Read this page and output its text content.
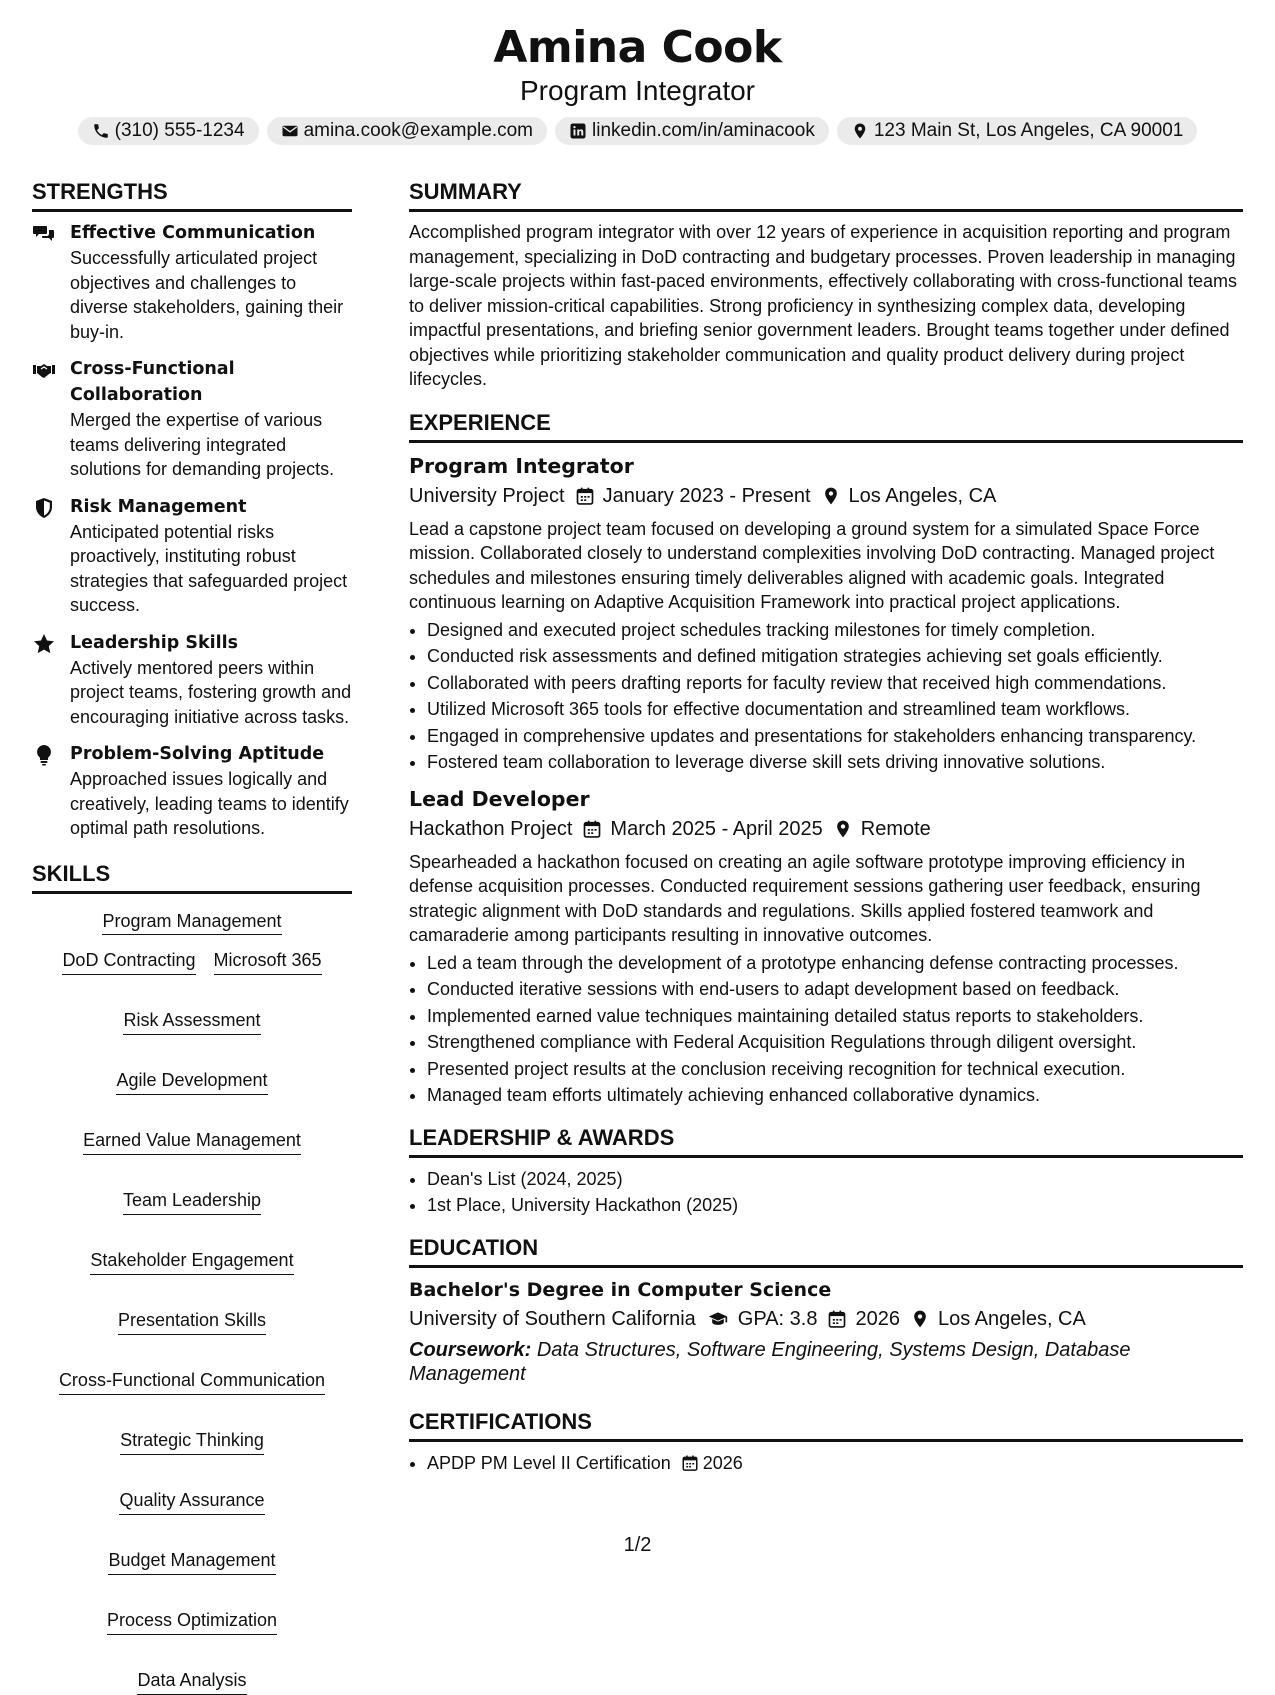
Amina Cook
Program Integrator
(310) 555-1234	amina.cook@example.com	linkedin.com/in/aminacook	123 Main St, Los Angeles, CA 90001
STRENGTHS
Effective Communication
Successfully articulated project objectives and challenges to diverse stakeholders, gaining their buy-in.
Cross-Functional Collaboration
Merged the expertise of various teams delivering integrated solutions for demanding projects.
Risk Management
Anticipated potential risks proactively, instituting robust strategies that safeguarded project success.
Leadership Skills
Actively mentored peers within project teams, fostering growth and encouraging initiative across tasks.
Problem-Solving Aptitude
Approached issues logically and creatively, leading teams to identify optimal path resolutions.
SKILLS
Program Management
DoD Contracting Microsoft 365
Risk Assessment
Agile Development
Earned Value Management
Team Leadership
Stakeholder Engagement
Presentation Skills
Cross-Functional Communication
Strategic Thinking
Quality Assurance
Budget Management
Process Optimization
Data Analysis
SUMMARY

Accomplished program integrator with over 12 years of experience in acquisition reporting and program management, specializing in DoD contracting and budgetary processes. Proven leadership in managing large-scale projects within fast-paced environments, effectively collaborating with cross-functional teams to deliver mission-critical capabilities. Strong proficiency in synthesizing complex data, developing impactful presentations, and briefing senior government leaders. Brought teams together under defined objectives while prioritizing stakeholder communication and quality product delivery during project lifecycles.

EXPERIENCE
Program Integrator
University Project January 2023 - Present Los Angeles, CA

Lead a capstone project team focused on developing a ground system for a simulated Space Force mission. Collaborated closely to understand complexities involving DoD contracting. Managed project schedules and milestones ensuring timely deliverables aligned with academic goals. Integrated continuous learning on Adaptive Acquisition Framework into practical project applications.

• Designed and executed project schedules tracking milestones for timely completion.
• Conducted risk assessments and defined mitigation strategies achieving set goals efficiently.
• Collaborated with peers drafting reports for faculty review that received high commendations.
• Utilized Microsoft 365 tools for effective documentation and streamlined team workflows.
• Engaged in comprehensive updates and presentations for stakeholders enhancing transparency.
• Fostered team collaboration to leverage diverse skill sets driving innovative solutions.
Lead Developer
Hackathon Project March 2025 - April 2025 Remote

Spearheaded a hackathon focused on creating an agile software prototype improving efficiency in defense acquisition processes. Conducted requirement sessions gathering user feedback, ensuring strategic alignment with DoD standards and regulations. Skills applied fostered teamwork and camaraderie among participants resulting in innovative outcomes.

• Led a team through the development of a prototype enhancing defense contracting processes.
• Conducted iterative sessions with end-users to adapt development based on feedback.
• Implemented earned value techniques maintaining detailed status reports to stakeholders.
• Strengthened compliance with Federal Acquisition Regulations through diligent oversight.
• Presented project results at the conclusion receiving recognition for technical execution.
• Managed team efforts ultimately achieving enhanced collaborative dynamics.
LEADERSHIP & AWARDS
• Dean's List (2024, 2025)
• 1st Place, University Hackathon (2025)
EDUCATION
Bachelor's Degree in Computer Science
University of Southern California GPA: 3.8 2026 Los Angeles, CA
Coursework: Data Structures, Software Engineering, Systems Design, Database Management
CERTIFICATIONS
• APDP PM Level II Certification 2026
1/2
